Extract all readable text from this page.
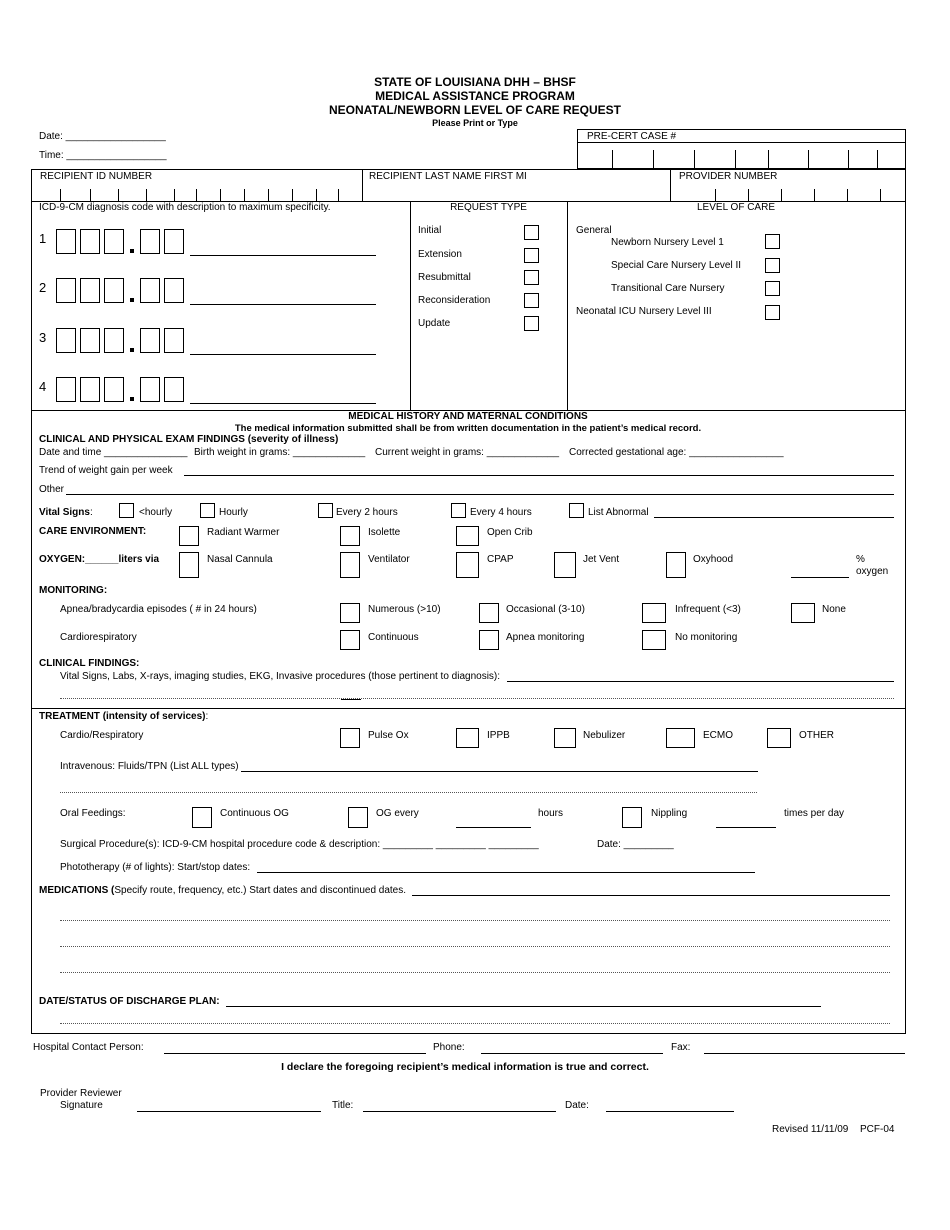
STATE OF LOUISIANA DHH – BHSF
MEDICAL ASSISTANCE PROGRAM
NEONATAL/NEWBORN LEVEL OF CARE REQUEST
Please Print or Type
Date: __________________
Time: __________________
PRE-CERT CASE #
RECIPIENT ID NUMBER	RECIPIENT LAST NAME FIRST MI	PROVIDER NUMBER
ICD-9-CM diagnosis code with description to maximum specificity.
1
2
3
4
REQUEST TYPE
Initial
Extension
Resubmittal
Reconsideration
Update
LEVEL OF CARE
General
Newborn Nursery Level 1
Special Care Nursery Level II
Transitional Care Nursery
Neonatal ICU Nursery Level III
MEDICAL HISTORY AND MATERNAL CONDITIONS
The medical information submitted shall be from written documentation in the patient’s medical record.
CLINICAL AND PHYSICAL EXAM FINDINGS (severity of illness)
Date and time _______________ Birth weight in grams: _____________ Current weight in grams: _____________ Corrected gestational age: _________________
Trend of weight gain per week
Other
Vital Signs:	<hourly	Hourly	Every 2 hours	Every 4 hours	List Abnormal
CARE ENVIRONMENT:	Radiant Warmer	Isolette	Open Crib
OXYGEN:______liters via	Nasal Cannula	Ventilator	CPAP	Jet Vent	Oxyhood	%
oxygen
MONITORING:
Apnea/bradycardia episodes ( # in 24 hours)	Numerous (>10)	Occasional (3-10)	Infrequent (<3)	None
Cardiorespiratory	Continuous	Apnea monitoring	No monitoring
CLINICAL FINDINGS:
Vital Signs, Labs, X-rays, imaging studies, EKG, Invasive procedures (those pertinent to diagnosis):
TREATMENT (intensity of services):
Cardio/Respiratory	Pulse Ox	IPPB	Nebulizer	ECMO	OTHER
Intravenous: Fluids/TPN (List ALL types)
Oral Feedings:	Continuous OG	OG every	hours	Nippling	times per day
Surgical Procedure(s): ICD-9-CM hospital procedure code & description: _________ _________ _________	Date: _________
Phototherapy (# of lights): Start/stop dates:
MEDICATIONS (Specify route, frequency, etc.) Start dates and discontinued dates.
DATE/STATUS OF DISCHARGE PLAN:
Hospital Contact Person:	Phone:	Fax:
I declare the foregoing recipient’s medical information is true and correct.
Provider Reviewer
Signature	Title:	Date:
Revised 11/11/09 PCF-04
